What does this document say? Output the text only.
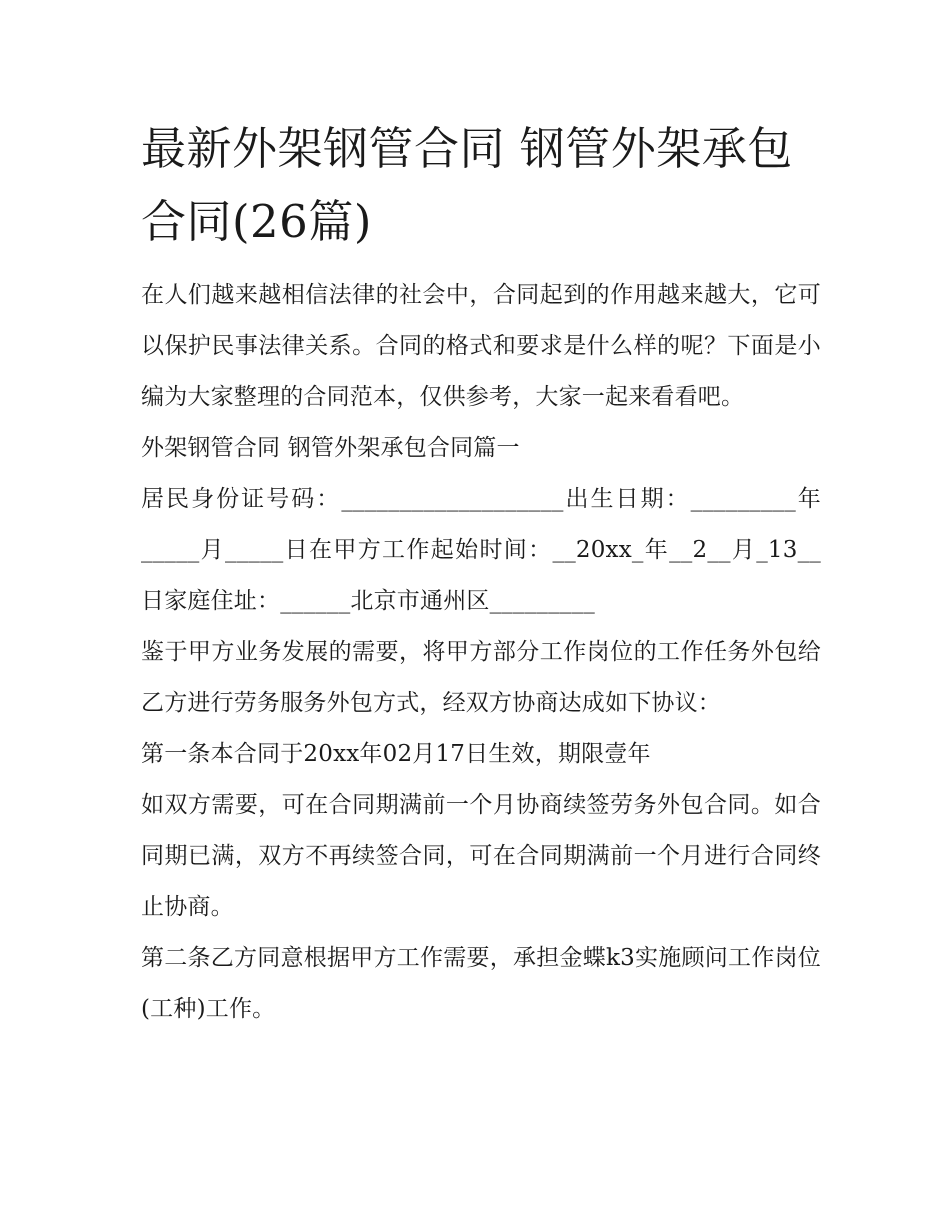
最新外架钢管合同 钢管外架承包合同(26篇)

在人们越来越相信法律的社会中，合同起到的作用越来越大，它可以保护民事法律关系。合同的格式和要求是什么样的呢？下面是小编为大家整理的合同范本，仅供参考，大家一起来看看吧。

外架钢管合同 钢管外架承包合同篇一

居民身份证号码：___________________出生日期：_________年_____月_____日在甲方工作起始时间：__20xx_年__2__月_13__日家庭住址：______北京市通州区_________

鉴于甲方业务发展的需要，将甲方部分工作岗位的工作任务外包给乙方进行劳务服务外包方式，经双方协商达成如下协议：

第一条本合同于20xx年02月17日生效，期限壹年

如双方需要，可在合同期满前一个月协商续签劳务外包合同。如合同期已满，双方不再续签合同，可在合同期满前一个月进行合同终止协商。

第二条乙方同意根据甲方工作需要，承担金蝶k3实施顾问工作岗位(工种)工作。
